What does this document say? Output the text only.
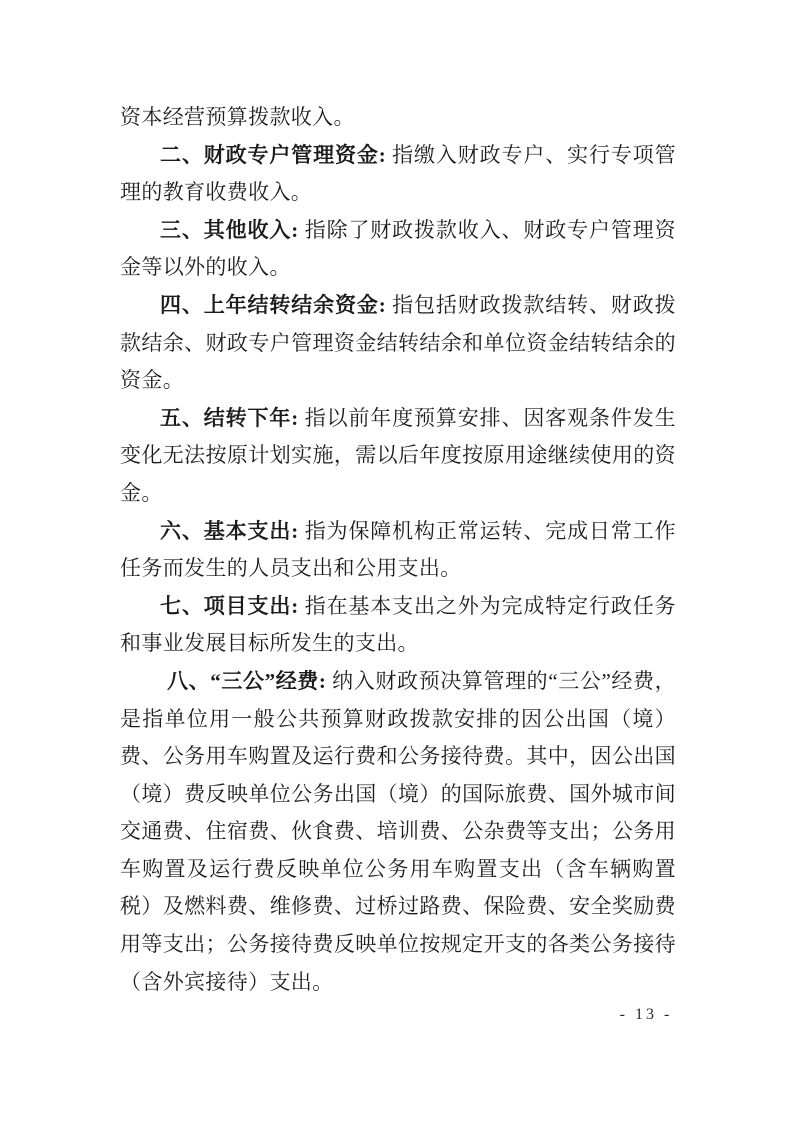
资本经营预算拨款收入。

二、财政专户管理资金: 指缴入财政专户、实行专项管理的教育收费收入。

三、其他收入: 指除了财政拨款收入、财政专户管理资金等以外的收入。

四、上年结转结余资金: 指包括财政拨款结转、财政拨款结余、财政专户管理资金结转结余和单位资金结转结余的资金。

五、结转下年: 指以前年度预算安排、因客观条件发生变化无法按原计划实施，需以后年度按原用途继续使用的资金。

六、基本支出: 指为保障机构正常运转、完成日常工作任务而发生的人员支出和公用支出。

七、项目支出: 指在基本支出之外为完成特定行政任务和事业发展目标所发生的支出。

八、“三公”经费: 纳入财政预决算管理的“三公”经费，是指单位用一般公共预算财政拨款安排的因公出国（境）费、公务用车购置及运行费和公务接待费。其中，因公出国（境）费反映单位公务出国（境）的国际旅费、国外城市间交通费、住宿费、伙食费、培训费、公杂费等支出；公务用车购置及运行费反映单位公务用车购置支出（含车辆购置税）及燃料费、维修费、过桥过路费、保险费、安全奖励费用等支出；公务接待费反映单位按规定开支的各类公务接待（含外宾接待）支出。

- 13 -
